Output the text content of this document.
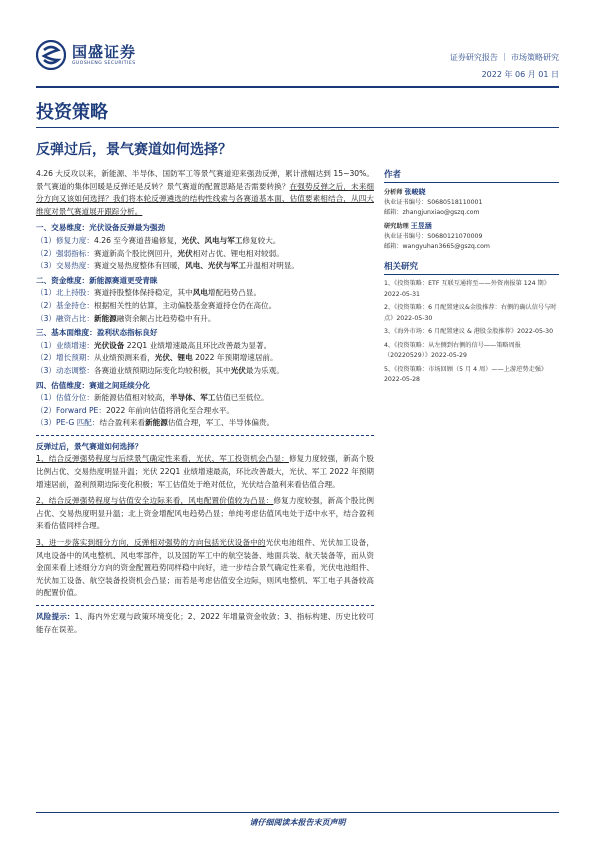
国盛证券
GUOSHENG SECURITIES
证券研究报告 ｜ 市场策略研究
2022 年 06 月 01 日
投资策略
反弹过后，景气赛道如何选择？

4.26 大反攻以来，新能源、半导体、国防军工等景气赛道迎来强劲反弹，累计涨幅达到 15~30%。景气赛道的集体回暖是反弹还是反转？景气赛道的配置思路是否需要转换？在强势反弹之后，未来细分方向又该如何选择？我们将本轮反弹遴选的结构性线索与各赛道基本面、估值要素相结合，从四大维度对景气赛道展开跟踪分析。

一、交易维度：光伏设备反弹最为强劲
（1）修复力度： 4.26 至今赛道普遍修复，光伏、风电与军工修复较大。
（2）强弱指标： 赛道新高个股比例回升，光伏相对占优、锂电相对较弱。
（3）交易热度： 赛道交易热度整体有回暖，风电、光伏与军工升温相对明显。
二、资金维度：新能源赛道更受青睐
（1）北上持股： 赛道持股整体保持稳定，其中风电增配趋势凸显。
（2）基金持仓： 根据相关性的估算，主动偏股基金赛道持仓仍在高位。
（3）融资占比： 新能源融资余额占比趋势稳中有升。
三、基本面维度：盈利状态指标良好
（1）业绩增速： 光伏设备 22Q1 业绩增速最高且环比改善最为显著。
（2）增长预期： 从业绩预测来看，光伏、锂电 2022 年预期增速居前。
（3）动态调整： 各赛道业绩预期边际变化均较积极，其中光伏最为乐观。
四、估值维度：赛道之间延续分化
（1）估值分位： 新能源估值相对较高，半导体、军工估值已至低位。
（2）Forward PE： 2022 年前向估值将消化至合理水平。
（3）PE-G 匹配： 结合盈利来看新能源估值合理，军工、半导体偏贵。
反弹过后，景气赛道如何选择？

1、结合反弹强势程度与后续景气确定性来看，光伏、军工投资机会凸显：修复力度较强，新高个股比例占优、交易热度明显升温；光伏 22Q1 业绩增速最高，环比改善最大，光伏、军工 2022 年预期增速居前，盈利预期边际变化积极；军工估值处于绝对低位，光伏结合盈利来看估值合理。

2、结合反弹强势程度与估值安全边际来看，风电配置价值较为凸显：修复力度较强，新高个股比例占优、交易热度明显升温；北上资金增配风电趋势凸显；单纯考虑估值风电处于适中水平，结合盈利来看估值同样合理。

3、进一步落实到细分方向，反弹相对强势的方向包括光伏设备中的光伏电池组件、光伏加工设备，风电设备中的风电整机、风电零部件，以及国防军工中的航空装备、地面兵装、航天装备等，而从资金面来看上述细分方向的资金配置趋势同样稳中向好，进一步结合景气确定性来看，光伏电池组件、光伏加工设备、航空装备投资机会凸显；而若是考虑估值安全边际，则风电整机、军工电子具备较高的配置价值。

风险提示：1、海内外宏观与政策环境变化；2、2022 年增量资金收敛；3、指标构建、历史比较可能存在误差。

作者
分析师 张峻晓
执业证书编号：S0680518110001
邮箱：zhangjunxiao@gszq.com
研究助理 王昱涵
执业证书编号：S0680121070009
邮箱：wangyuhan3665@gszq.com
相关研究
1、《投资策略：ETF 互联互通将至——外资南报第 124 期》2022-05-31
2、《投资策略：6 月配置建议&金股推荐：右侧的确认信号与时点》2022-05-30
3、《海外市场：6 月配置建议 & 港股金股推荐》2022-05-30
4、《投资策略：从左侧到右侧的信号——策略周报（20220529）》2022-05-29
5、《投资策略：市场回顾（5 月 4 周）——上游逆势走强》2022-05-28
请仔细阅读本报告末页声明
